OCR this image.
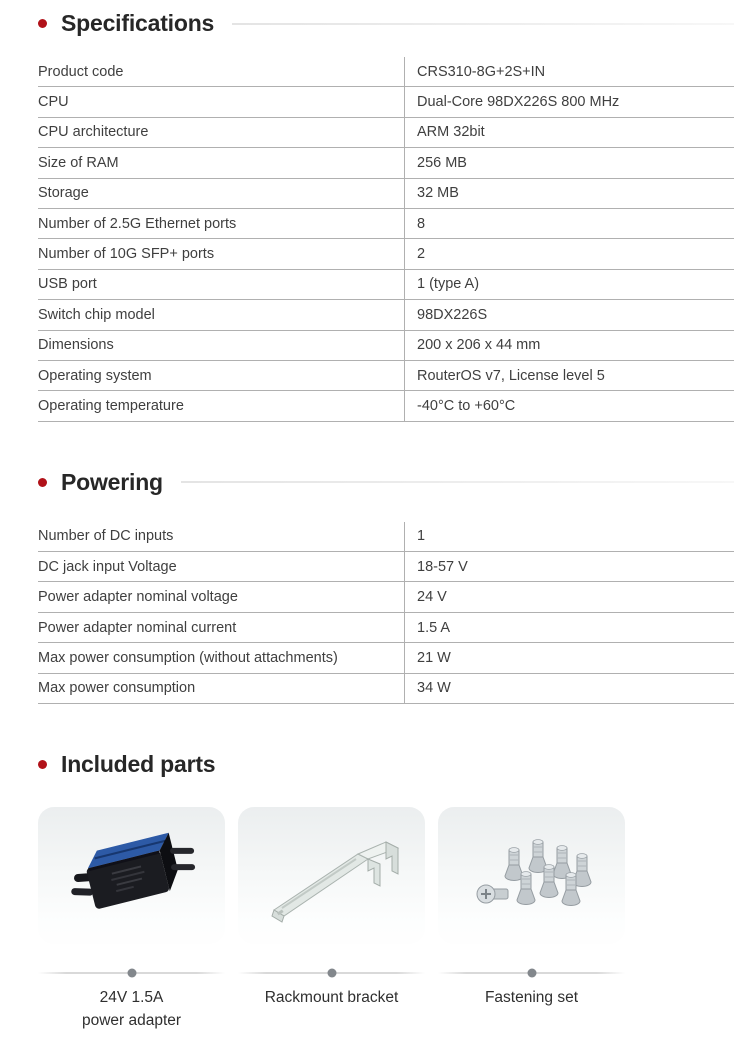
Specifications
Product code	CRS310-8G+2S+IN
CPU	Dual-Core 98DX226S 800 MHz
CPU architecture	ARM 32bit
Size of RAM	256 MB
Storage	32 MB
Number of 2.5G Ethernet ports	8
Number of 10G SFP+ ports	2
USB port	1 (type A)
Switch chip model	98DX226S
Dimensions	200 x 206 x 44 mm
Operating system	RouterOS v7, License level 5
Operating temperature	-40°C to +60°C
Powering
Number of DC inputs	1
DC jack input Voltage	18-57 V
Power adapter nominal voltage	24 V
Power adapter nominal current	1.5 A
Max power consumption (without attachments)	21 W
Max power consumption	34 W
Included parts
24V 1.5A
power adapter
Rackmount bracket	Fastening set
